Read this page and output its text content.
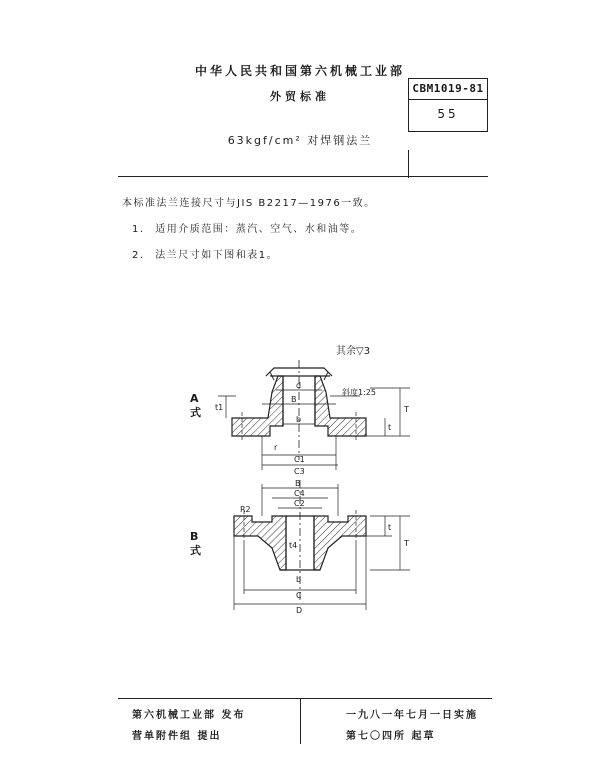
中华人民共和国第六机械工业部
外贸标准
63kgf/cm² 对焊钢法兰
CBM1019-81
55
本标准法兰连接尺寸与JIS B2217—1976一致。
1. 适用介质范围：蒸汽、空气、水和油等。
2. 法兰尺寸如下图和表1。
其余▽3
A
式
B
式
斜度1:25
B
d
b
T
t
t1
r
C1
C3
B
C4
C2
R2
t4	T
t
b
C
D
第六机械工业部 发布
营单附件组 提出
一九八一年七月一日实施
第七〇四所 起草
